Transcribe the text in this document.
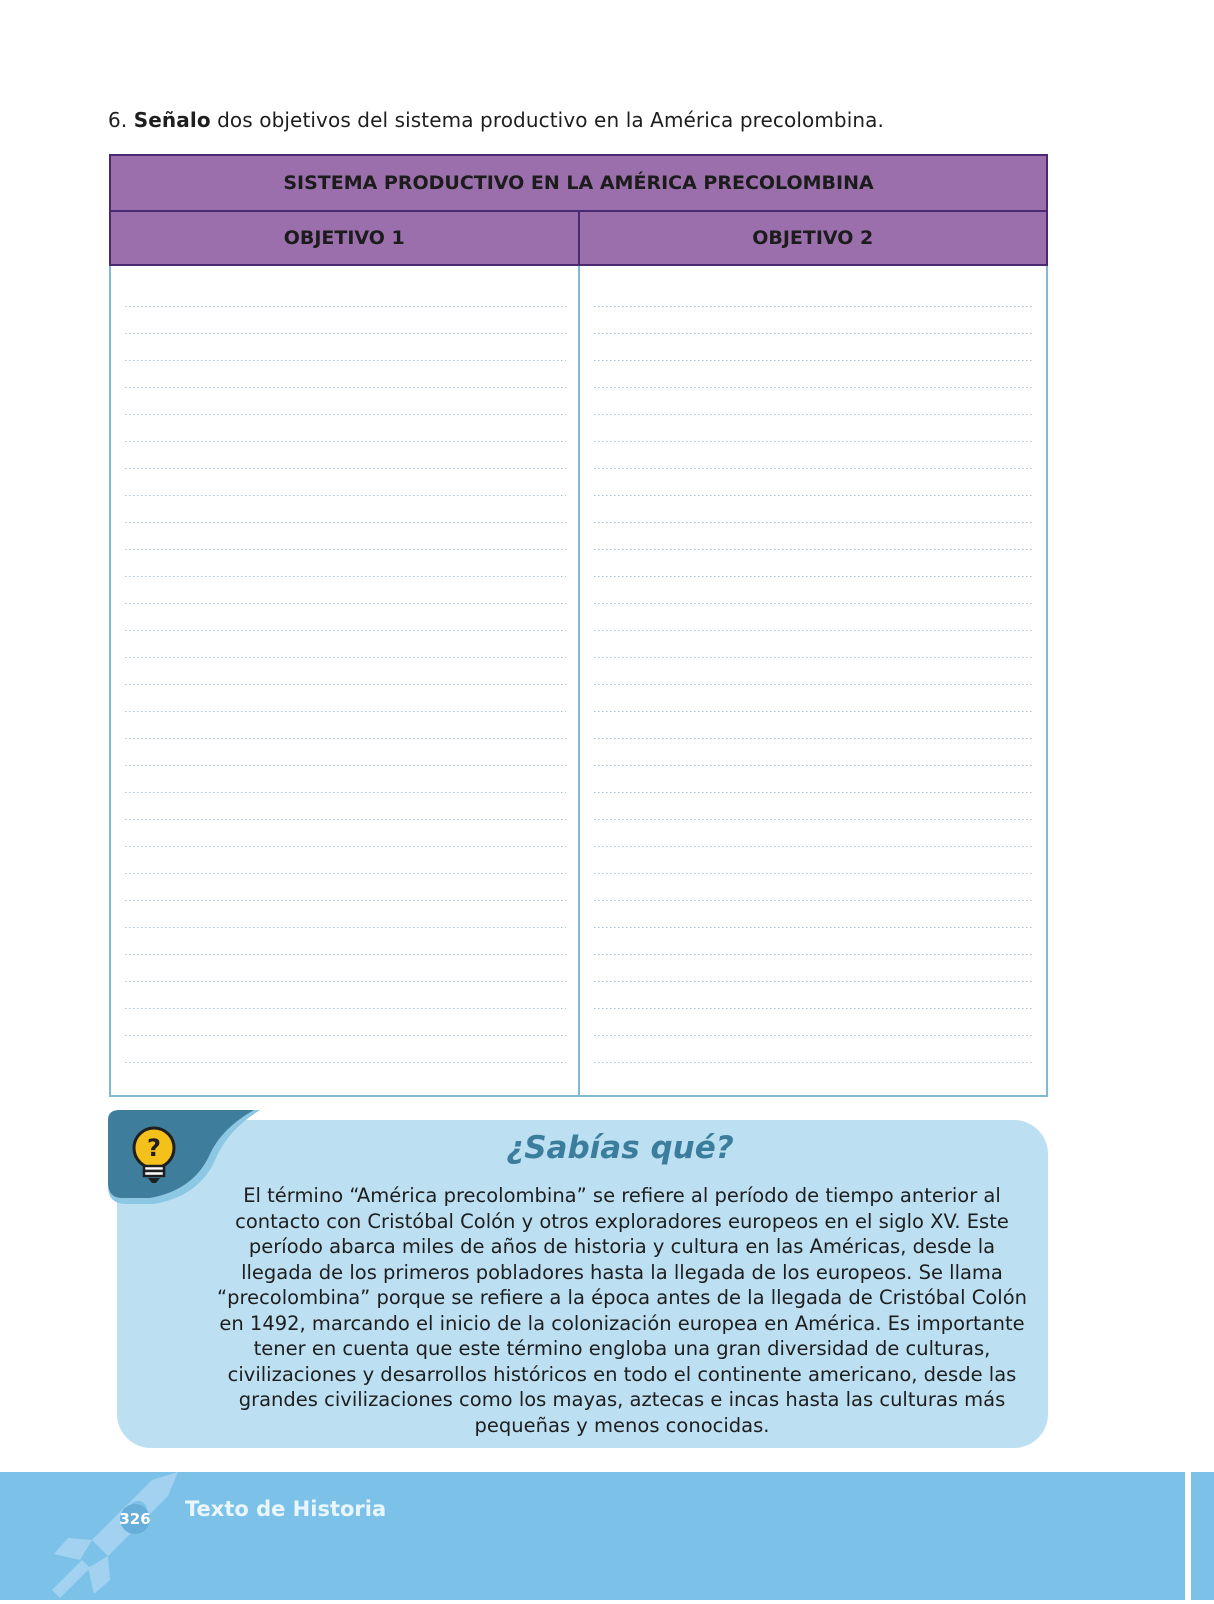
6. Señalo dos objetivos del sistema productivo en la América precolombina.
SISTEMA PRODUCTIVO EN LA AMÉRICA PRECOLOMBINA
OBJETIVO 1	OBJETIVO 2
?	¿Sabías qué?
El término “América precolombina” se refiere al período de tiempo anterior al contacto con Cristóbal Colón y otros exploradores europeos en el siglo XV. Este período abarca miles de años de historia y cultura en las Américas, desde la llegada de los primeros pobladores hasta la llegada de los europeos. Se llama “precolombina” porque se refiere a la época antes de la llegada de Cristóbal Colón en 1492, marcando el inicio de la colonización europea en América. Es importante tener en cuenta que este término engloba una gran diversidad de culturas, civilizaciones y desarrollos históricos en todo el continente americano, desde las grandes civilizaciones como los mayas, aztecas e incas hasta las culturas más pequeñas y menos conocidas.
326 Texto de Historia
